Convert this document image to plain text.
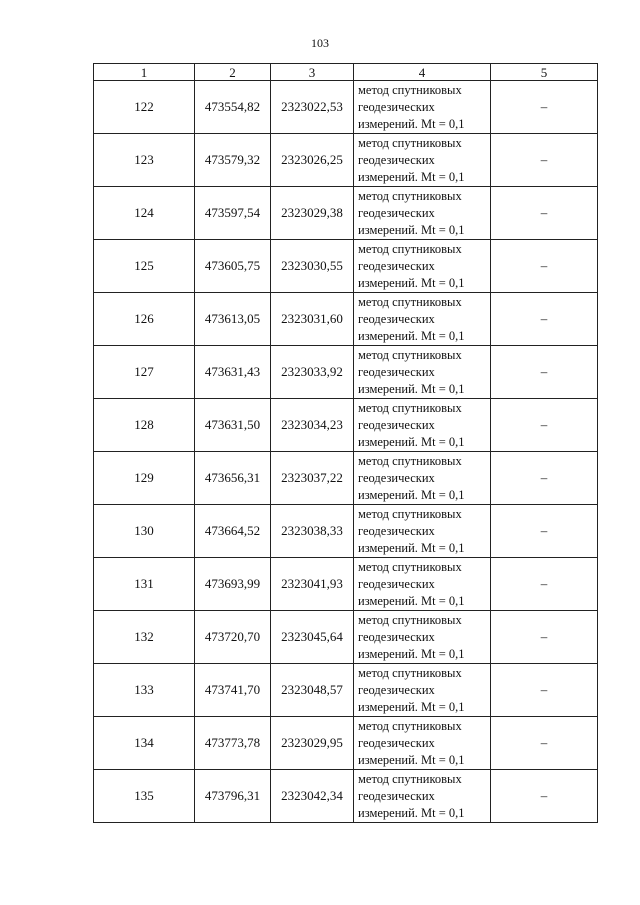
103
1	2	3	4	5
122	473554,82	2323022,53	метод спутниковых
геодезических
измерений. Mt = 0,1	–
123	473579,32	2323026,25	метод спутниковых
геодезических
измерений. Mt = 0,1	–
124	473597,54	2323029,38	метод спутниковых
геодезических
измерений. Mt = 0,1	–
125	473605,75	2323030,55	метод спутниковых
геодезических
измерений. Mt = 0,1	–
126	473613,05	2323031,60	метод спутниковых
геодезических
измерений. Mt = 0,1	–
127	473631,43	2323033,92	метод спутниковых
геодезических
измерений. Mt = 0,1	–
128	473631,50	2323034,23	метод спутниковых
геодезических
измерений. Mt = 0,1	–
129	473656,31	2323037,22	метод спутниковых
геодезических
измерений. Mt = 0,1	–
130	473664,52	2323038,33	метод спутниковых
геодезических
измерений. Mt = 0,1	–
131	473693,99	2323041,93	метод спутниковых
геодезических
измерений. Mt = 0,1	–
132	473720,70	2323045,64	метод спутниковых
геодезических
измерений. Mt = 0,1	–
133	473741,70	2323048,57	метод спутниковых
геодезических
измерений. Mt = 0,1	–
134	473773,78	2323029,95	метод спутниковых
геодезических
измерений. Mt = 0,1	–
135	473796,31	2323042,34	метод спутниковых
геодезических
измерений. Mt = 0,1	–
